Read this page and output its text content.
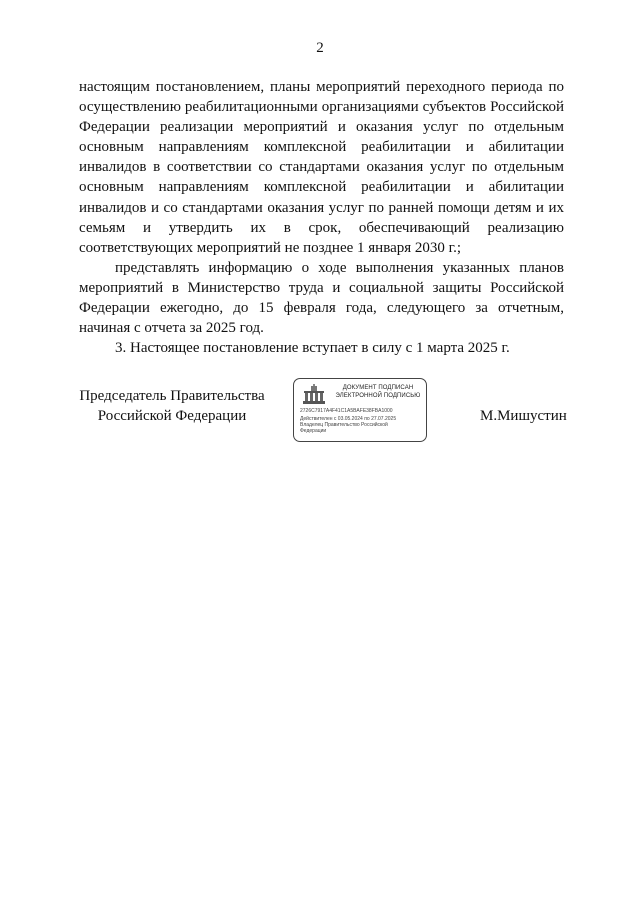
2

настоящим постановлением, планы мероприятий переходного периода по осуществлению реабилитационными организациями субъектов Российской Федерации реализации мероприятий и оказания услуг по отдельным основным направлениям комплексной реабилитации и абилитации инвалидов в соответствии со стандартами оказания услуг по отдельным основным направлениям комплексной реабилитации и абилитации инвалидов и со стандартами оказания услуг по ранней помощи детям и их семьям и утвердить их в срок, обеспечивающий реализацию соответствующих мероприятий не позднее 1 января 2030 г.;

представлять информацию о ходе выполнения указанных планов мероприятий в Министерство труда и социальной защиты Российской Федерации ежегодно, до 15 февраля года, следующего за отчетным, начиная с отчета за 2025 год.

3. Настоящее постановление вступает в силу с 1 марта 2025 г.

Председатель Правительства
Российской Федерации
ДОКУМЕНТ ПОДПИСАН
ЭЛЕКТРОННОЙ ПОДПИСЬЮ
2726C7917A4F41C1A5BAFE38FBA1000
Действителен с 03.05.2024 по 27.07.2025
Владелец Правительство Российской
Федерации
М.Мишустин
